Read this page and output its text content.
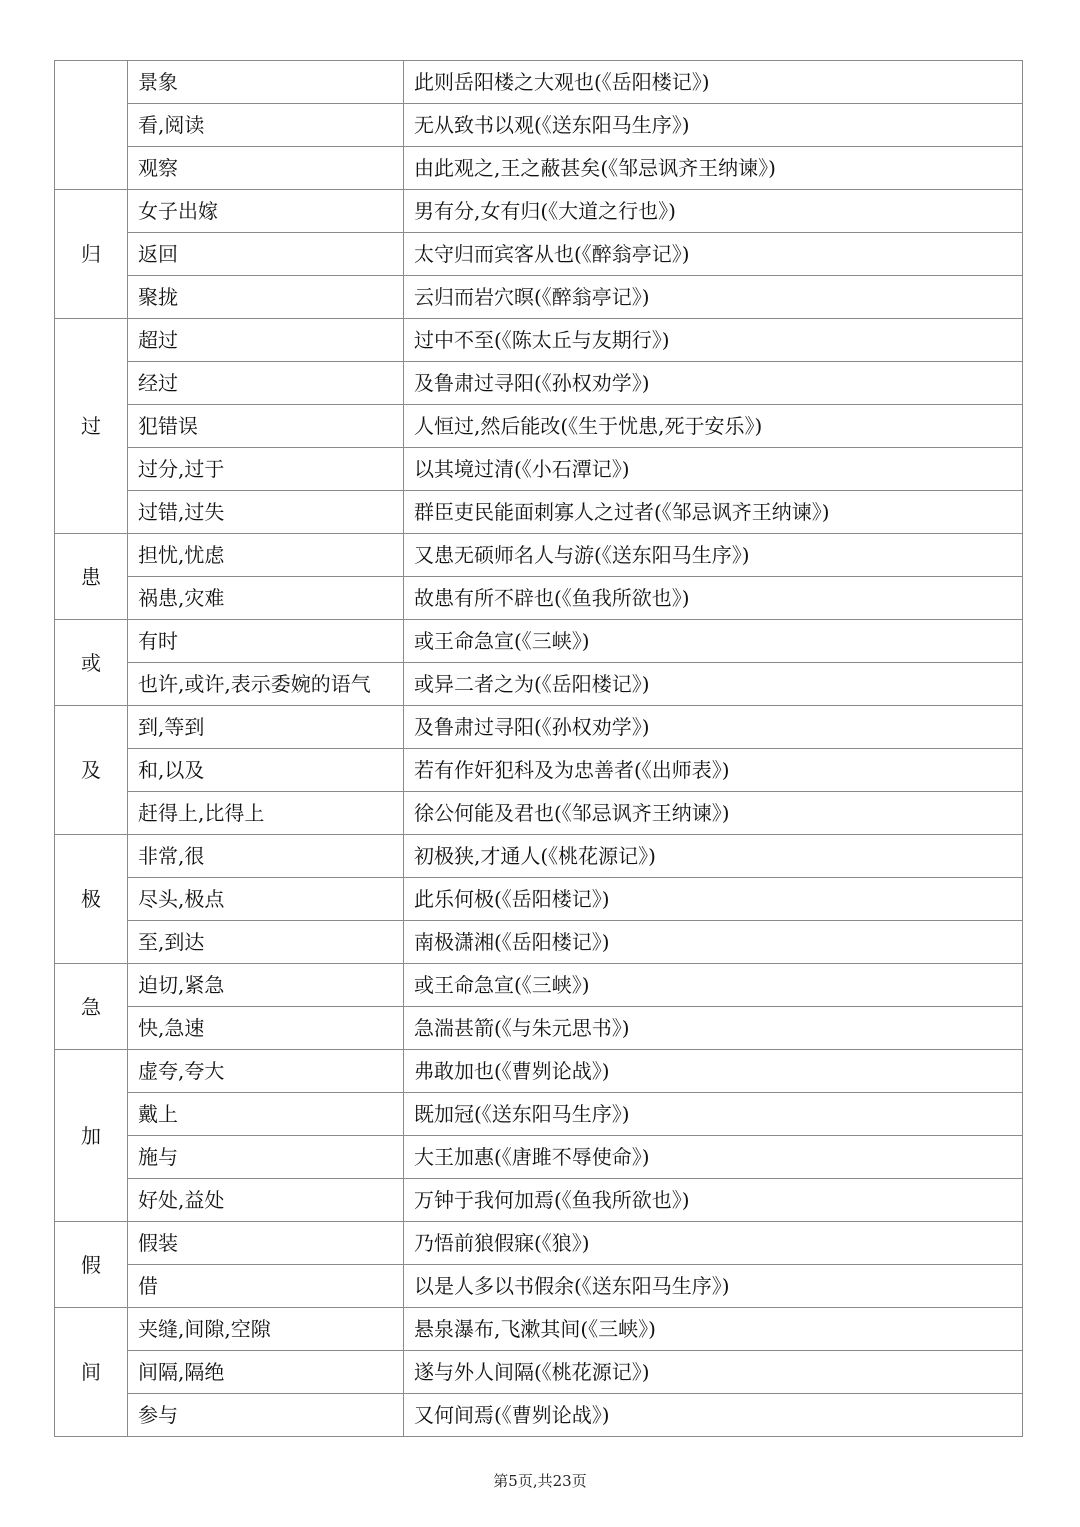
	景象	此则岳阳楼之大观也(《岳阳楼记》)
	看,阅读	无从致书以观(《送东阳马生序》)
	观察	由此观之,王之蔽甚矣(《邹忌讽齐王纳谏》)
归	女子出嫁	男有分,女有归(《大道之行也》)
	返回	太守归而宾客从也(《醉翁亭记》)
	聚拢	云归而岩穴暝(《醉翁亭记》)
过	超过	过中不至(《陈太丘与友期行》)
	经过	及鲁肃过寻阳(《孙权劝学》)
	犯错误	人恒过,然后能改(《生于忧患,死于安乐》)
	过分,过于	以其境过清(《小石潭记》)
	过错,过失	群臣吏民能面刺寡人之过者(《邹忌讽齐王纳谏》)
患	担忧,忧虑	又患无硕师名人与游(《送东阳马生序》)
	祸患,灾难	故患有所不辟也(《鱼我所欲也》)
或	有时	或王命急宣(《三峡》)
	也许,或许,表示委婉的语气	或异二者之为(《岳阳楼记》)
及	到,等到	及鲁肃过寻阳(《孙权劝学》)
	和,以及	若有作奸犯科及为忠善者(《出师表》)
	赶得上,比得上	徐公何能及君也(《邹忌讽齐王纳谏》)
极	非常,很	初极狭,才通人(《桃花源记》)
	尽头,极点	此乐何极(《岳阳楼记》)
	至,到达	南极潇湘(《岳阳楼记》)
急	迫切,紧急	或王命急宣(《三峡》)
	快,急速	急湍甚箭(《与朱元思书》)
加	虚夸,夸大	弗敢加也(《曹刿论战》)
	戴上	既加冠(《送东阳马生序》)
	施与	大王加惠(《唐雎不辱使命》)
	好处,益处	万钟于我何加焉(《鱼我所欲也》)
假	假装	乃悟前狼假寐(《狼》)
	借	以是人多以书假余(《送东阳马生序》)
间	夹缝,间隙,空隙	悬泉瀑布,飞漱其间(《三峡》)
	间隔,隔绝	遂与外人间隔(《桃花源记》)
	参与	又何间焉(《曹刿论战》)
第5页,共23页
